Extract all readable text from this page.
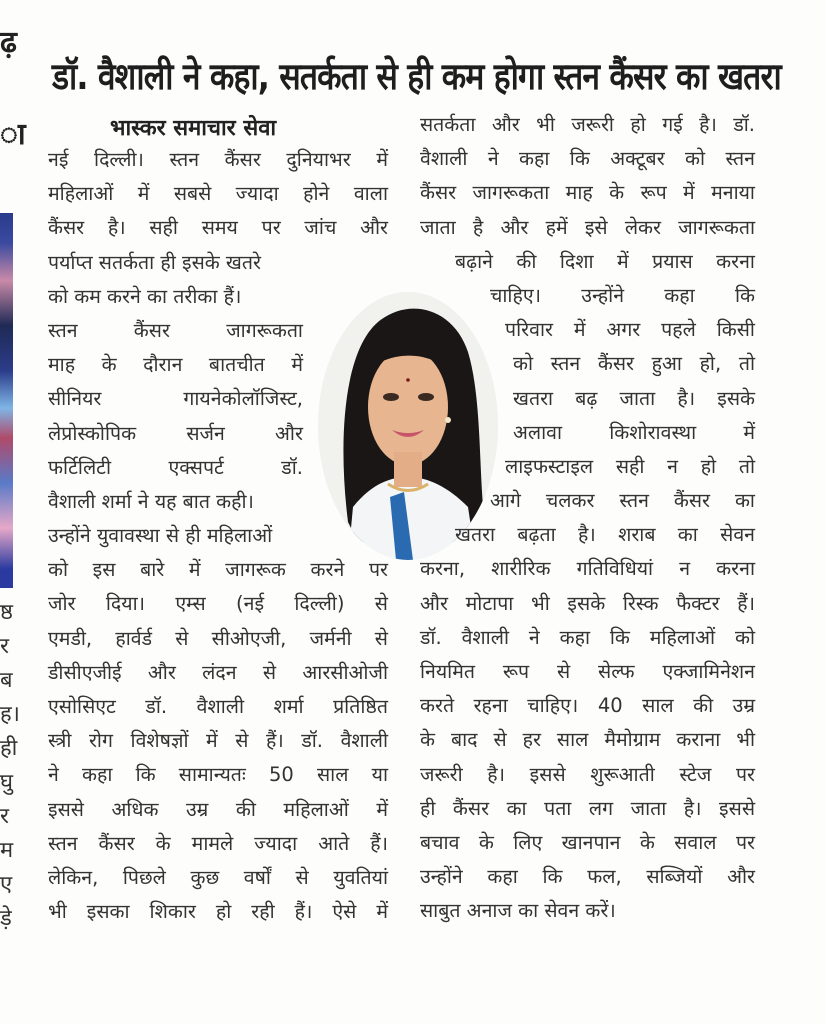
ढ़
ा
ष्ठ
र
ब
ह।
ही
घु
र
म
ए
ड़े
डॉ. वैशाली ने कहा, सतर्कता से ही कम होगा स्तन कैंसर का खतरा
भास्कर समाचार सेवा
नई दिल्ली। स्तन कैंसर दुनियाभर में
महिलाओं में सबसे ज्यादा होने वाला
कैंसर है। सही समय पर जांच और
पर्याप्त सतर्कता ही इसके खतरे
को कम करने का तरीका हैं।
स्तन कैंसर जागरूकता
माह के दौरान बातचीत में
सीनियर गायनेकोलॉजिस्ट,
लेप्रोस्कोपिक सर्जन और
फर्टिलिटी एक्सपर्ट डॉ.
वैशाली शर्मा ने यह बात कही।
उन्होंने युवावस्था से ही महिलाओं
को इस बारे में जागरूक करने पर
जोर दिया। एम्स (नई दिल्ली) से
एमडी, हार्वर्ड से सीओएजी, जर्मनी से
डीसीएजीई और लंदन से आरसीओजी
एसोसिएट डॉ. वैशाली शर्मा प्रतिष्ठित
स्त्री रोग विशेषज्ञों में से हैं। डॉ. वैशाली
ने कहा कि सामान्यतः 50 साल या
इससे अधिक उम्र की महिलाओं में
स्तन कैंसर के मामले ज्यादा आते हैं।
लेकिन, पिछले कुछ वर्षों से युवतियां
भी इसका शिकार हो रही हैं। ऐसे में
सतर्कता और भी जरूरी हो गई है। डॉ.
वैशाली ने कहा कि अक्टूबर को स्तन
कैंसर जागरूकता माह के रूप में मनाया
जाता है और हमें इसे लेकर जागरूकता
बढ़ाने की दिशा में प्रयास करना
चाहिए। उन्होंने कहा कि
परिवार में अगर पहले किसी
को स्तन कैंसर हुआ हो, तो
खतरा बढ़ जाता है। इसके
अलावा किशोरावस्था में
लाइफस्टाइल सही न हो तो
आगे चलकर स्तन कैंसर का
खतरा बढ़ता है। शराब का सेवन
करना, शारीरिक गतिविधियां न करना
और मोटापा भी इसके रिस्क फैक्टर हैं।
डॉ. वैशाली ने कहा कि महिलाओं को
नियमित रूप से सेल्फ एक्जामिनेशन
करते रहना चाहिए। 40 साल की उम्र
के बाद से हर साल मैमोग्राम कराना भी
जरूरी है। इससे शुरूआती स्टेज पर
ही कैंसर का पता लग जाता है। इससे
बचाव के लिए खानपान के सवाल पर
उन्होंने कहा कि फल, सब्जियों और
साबुत अनाज का सेवन करें।
